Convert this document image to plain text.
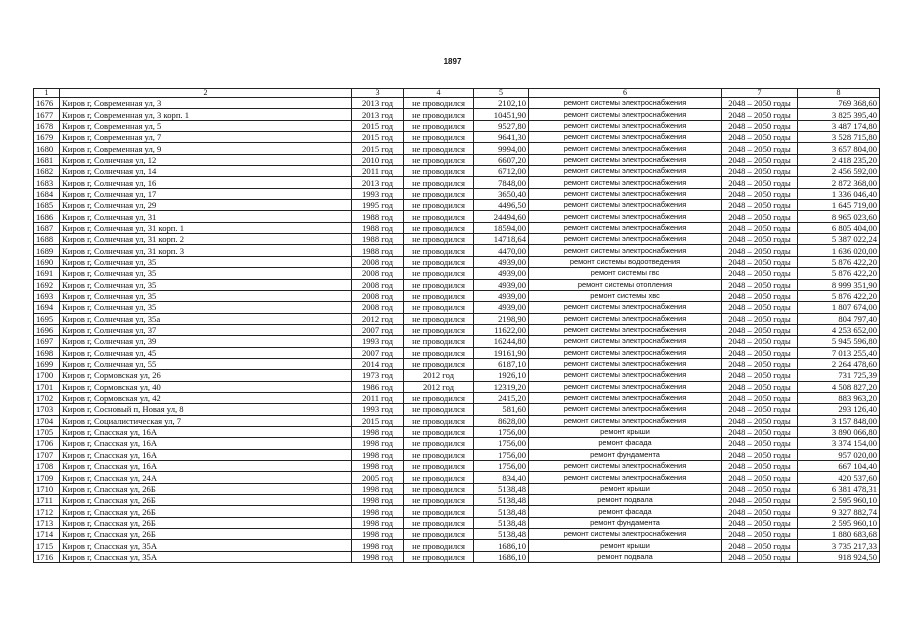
1897
1	2	3	4	5	6	7	8
1676	Киров г, Современная ул, 3	2013 год	не проводился	2102,10	ремонт системы электроснабжения	2048 – 2050 годы	769 368,60
1677	Киров г, Современная ул, 3 корп. 1	2013 год	не проводился	10451,90	ремонт системы электроснабжения	2048 – 2050 годы	3 825 395,40
1678	Киров г, Современная ул, 5	2015 год	не проводился	9527,80	ремонт системы электроснабжения	2048 – 2050 годы	3 487 174,80
1679	Киров г, Современная ул, 7	2015 год	не проводился	9641,30	ремонт системы электроснабжения	2048 – 2050 годы	3 528 715,80
1680	Киров г, Современная ул, 9	2015 год	не проводился	9994,00	ремонт системы электроснабжения	2048 – 2050 годы	3 657 804,00
1681	Киров г, Солнечная ул, 12	2010 год	не проводился	6607,20	ремонт системы электроснабжения	2048 – 2050 годы	2 418 235,20
1682	Киров г, Солнечная ул, 14	2011 год	не проводился	6712,00	ремонт системы электроснабжения	2048 – 2050 годы	2 456 592,00
1683	Киров г, Солнечная ул, 16	2013 год	не проводился	7848,00	ремонт системы электроснабжения	2048 – 2050 годы	2 872 368,00
1684	Киров г, Солнечная ул, 17	1993 год	не проводился	3650,40	ремонт системы электроснабжения	2048 – 2050 годы	1 336 046,40
1685	Киров г, Солнечная ул, 29	1995 год	не проводился	4496,50	ремонт системы электроснабжения	2048 – 2050 годы	1 645 719,00
1686	Киров г, Солнечная ул, 31	1988 год	не проводился	24494,60	ремонт системы электроснабжения	2048 – 2050 годы	8 965 023,60
1687	Киров г, Солнечная ул, 31 корп. 1	1988 год	не проводился	18594,00	ремонт системы электроснабжения	2048 – 2050 годы	6 805 404,00
1688	Киров г, Солнечная ул, 31 корп. 2	1988 год	не проводился	14718,64	ремонт системы электроснабжения	2048 – 2050 годы	5 387 022,24
1689	Киров г, Солнечная ул, 31 корп. 3	1988 год	не проводился	4470,00	ремонт системы электроснабжения	2048 – 2050 годы	1 636 020,00
1690	Киров г, Солнечная ул, 35	2008 год	не проводился	4939,00	ремонт системы водоотведения	2048 – 2050 годы	5 876 422,20
1691	Киров г, Солнечная ул, 35	2008 год	не проводился	4939,00	ремонт системы гвс	2048 – 2050 годы	5 876 422,20
1692	Киров г, Солнечная ул, 35	2008 год	не проводился	4939,00	ремонт системы отопления	2048 – 2050 годы	8 999 351,90
1693	Киров г, Солнечная ул, 35	2008 год	не проводился	4939,00	ремонт системы хвс	2048 – 2050 годы	5 876 422,20
1694	Киров г, Солнечная ул, 35	2008 год	не проводился	4939,00	ремонт системы электроснабжения	2048 – 2050 годы	1 807 674,00
1695	Киров г, Солнечная ул, 35а	2012 год	не проводился	2198,90	ремонт системы электроснабжения	2048 – 2050 годы	804 797,40
1696	Киров г, Солнечная ул, 37	2007 год	не проводился	11622,00	ремонт системы электроснабжения	2048 – 2050 годы	4 253 652,00
1697	Киров г, Солнечная ул, 39	1993 год	не проводился	16244,80	ремонт системы электроснабжения	2048 – 2050 годы	5 945 596,80
1698	Киров г, Солнечная ул, 45	2007 год	не проводился	19161,90	ремонт системы электроснабжения	2048 – 2050 годы	7 013 255,40
1699	Киров г, Солнечная ул, 55	2014 год	не проводился	6187,10	ремонт системы электроснабжения	2048 – 2050 годы	2 264 478,60
1700	Киров г, Сормовская ул, 26	1973 год	2012 год	1926,10	ремонт системы электроснабжения	2048 – 2050 годы	731 725,39
1701	Киров г, Сормовская ул, 40	1986 год	2012 год	12319,20	ремонт системы электроснабжения	2048 – 2050 годы	4 508 827,20
1702	Киров г, Сормовская ул, 42	2011 год	не проводился	2415,20	ремонт системы электроснабжения	2048 – 2050 годы	883 963,20
1703	Киров г, Сосновый п, Новая ул, 8	1993 год	не проводился	581,60	ремонт системы электроснабжения	2048 – 2050 годы	293 126,40
1704	Киров г, Социалистическая ул, 7	2015 год	не проводился	8628,00	ремонт системы электроснабжения	2048 – 2050 годы	3 157 848,00
1705	Киров г, Спасская ул, 16А	1998 год	не проводился	1756,00	ремонт крыши	2048 – 2050 годы	3 890 066,80
1706	Киров г, Спасская ул, 16А	1998 год	не проводился	1756,00	ремонт фасада	2048 – 2050 годы	3 374 154,00
1707	Киров г, Спасская ул, 16А	1998 год	не проводился	1756,00	ремонт фундамента	2048 – 2050 годы	957 020,00
1708	Киров г, Спасская ул, 16А	1998 год	не проводился	1756,00	ремонт системы электроснабжения	2048 – 2050 годы	667 104,40
1709	Киров г, Спасская ул, 24А	2005 год	не проводился	834,40	ремонт системы электроснабжения	2048 – 2050 годы	420 537,60
1710	Киров г, Спасская ул, 26Б	1998 год	не проводился	5138,48	ремонт крыши	2048 – 2050 годы	6 381 478,31
1711	Киров г, Спасская ул, 26Б	1998 год	не проводился	5138,48	ремонт подвала	2048 – 2050 годы	2 595 960,10
1712	Киров г, Спасская ул, 26Б	1998 год	не проводился	5138,48	ремонт фасада	2048 – 2050 годы	9 327 882,74
1713	Киров г, Спасская ул, 26Б	1998 год	не проводился	5138,48	ремонт фундамента	2048 – 2050 годы	2 595 960,10
1714	Киров г, Спасская ул, 26Б	1998 год	не проводился	5138,48	ремонт системы электроснабжения	2048 – 2050 годы	1 880 683,68
1715	Киров г, Спасская ул, 35А	1998 год	не проводился	1686,10	ремонт крыши	2048 – 2050 годы	3 735 217,33
1716	Киров г, Спасская ул, 35А	1998 год	не проводился	1686,10	ремонт подвала	2048 – 2050 годы	918 924,50
